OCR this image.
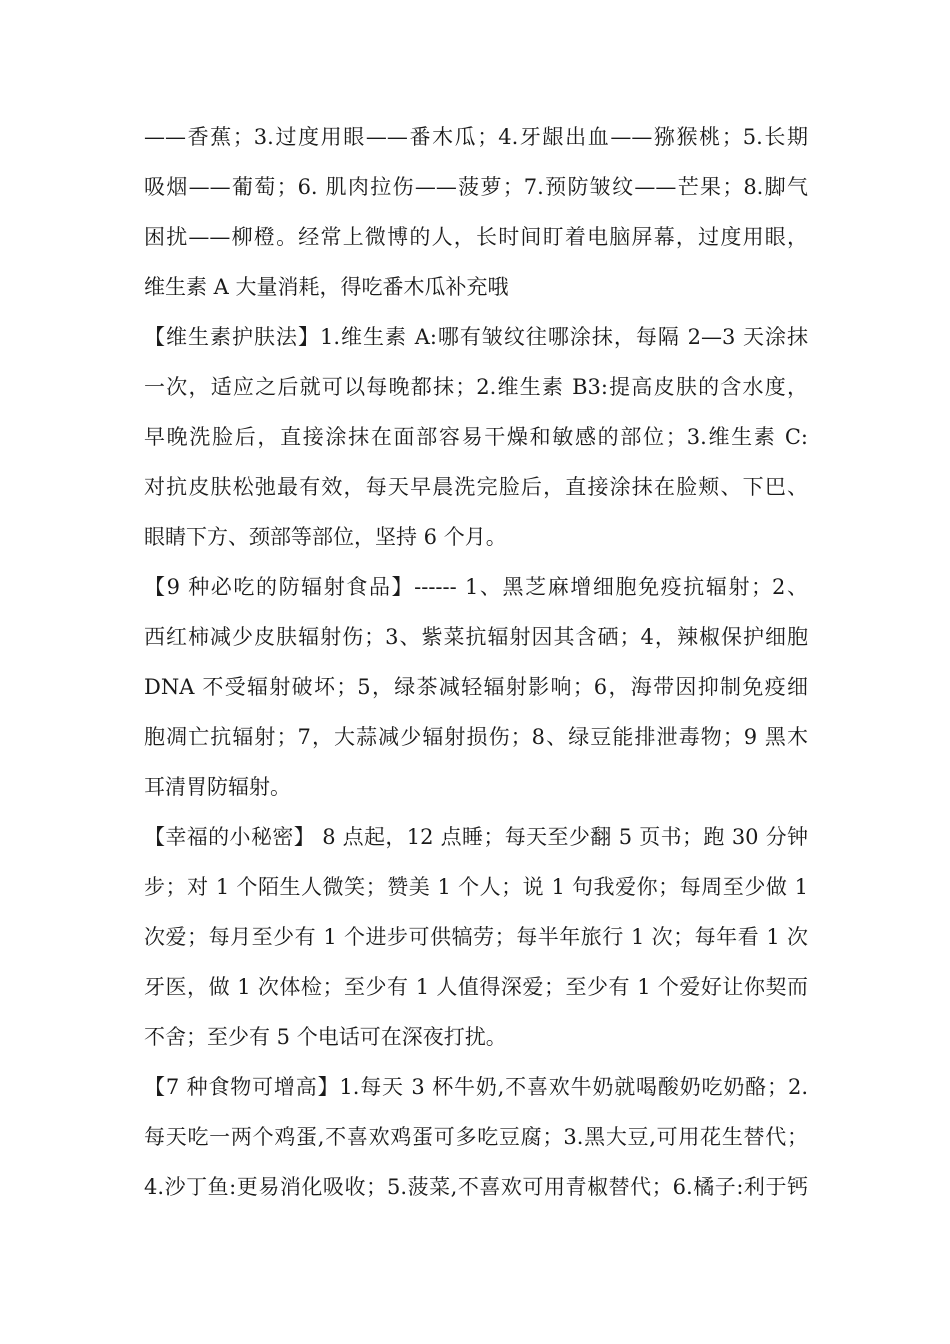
——香蕉；3.过度用眼——番木瓜；4.牙龈出血——猕猴桃；5.长期
吸烟——葡萄；6. 肌肉拉伤——菠萝；7.预防皱纹——芒果；8.脚气
困扰——柳橙。经常上微博的人，长时间盯着电脑屏幕，过度用眼，
维生素 A 大量消耗，得吃番木瓜补充哦
【维生素护肤法】1.维生素 A:哪有皱纹往哪涂抹，每隔 2—3 天涂抹
一次，适应之后就可以每晚都抹；2.维生素 B3:提高皮肤的含水度，
早晚洗脸后，直接涂抹在面部容易干燥和敏感的部位；3.维生素 C:
对抗皮肤松弛最有效，每天早晨洗完脸后，直接涂抹在脸颊、下巴、
眼睛下方、颈部等部位，坚持 6 个月。
【9 种必吃的防辐射食品】------ 1、黑芝麻增细胞免疫抗辐射；2、
西红柿减少皮肤辐射伤；3、紫菜抗辐射因其含硒；4，辣椒保护细胞
DNA 不受辐射破坏；5，绿茶减轻辐射影响；6，海带因抑制免疫细
胞凋亡抗辐射；7，大蒜减少辐射损伤；8、绿豆能排泄毒物；9 黑木
耳清胃防辐射。
【幸福的小秘密】 8 点起，12 点睡；每天至少翻 5 页书；跑 30 分钟
步；对 1 个陌生人微笑；赞美 1 个人；说 1 句我爱你；每周至少做 1
次爱；每月至少有 1 个进步可供犒劳；每半年旅行 1 次；每年看 1 次
牙医，做 1 次体检；至少有 1 人值得深爱；至少有 1 个爱好让你契而
不舍；至少有 5 个电话可在深夜打扰。
【7 种食物可增高】1.每天 3 杯牛奶,不喜欢牛奶就喝酸奶吃奶酪；2.
每天吃一两个鸡蛋,不喜欢鸡蛋可多吃豆腐；3.黑大豆,可用花生替代；
4.沙丁鱼:更易消化吸收；5.菠菜,不喜欢可用青椒替代；6.橘子:利于钙
